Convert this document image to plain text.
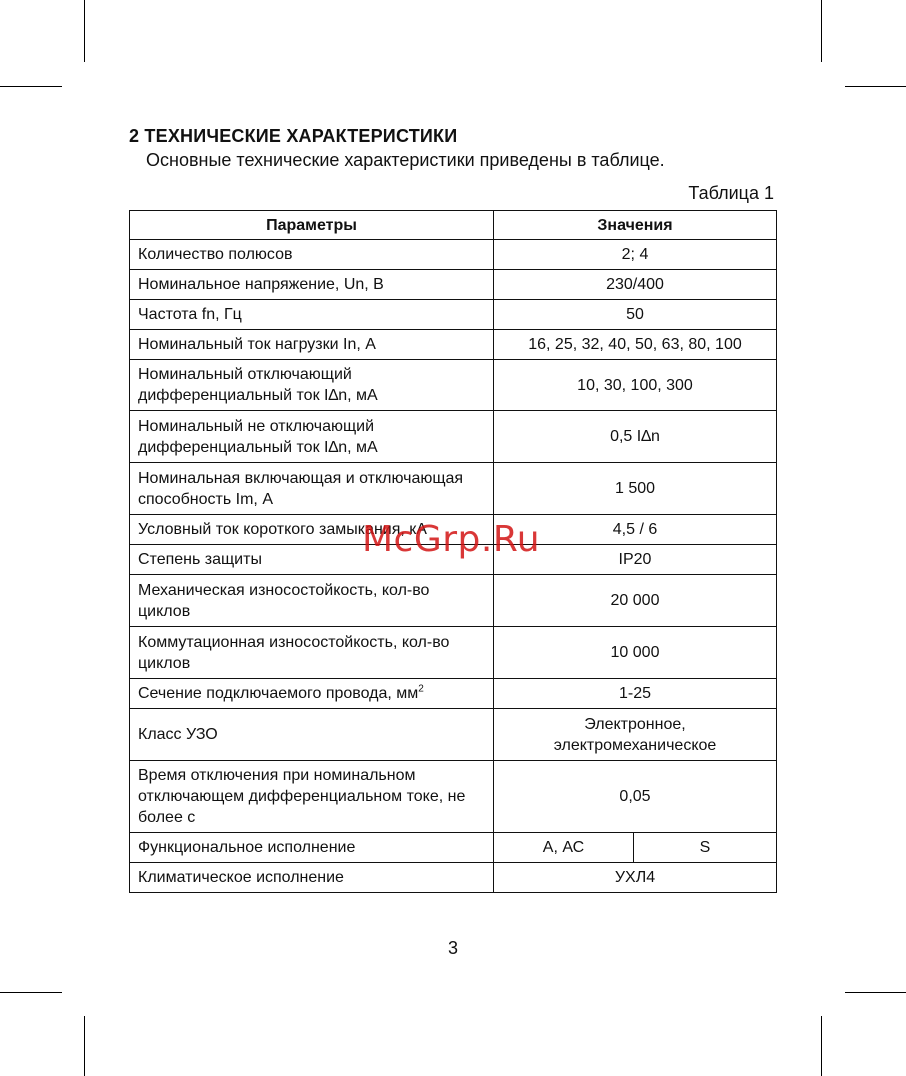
2 ТЕХНИЧЕСКИЕ ХАРАКТЕРИСТИКИ
Основные технические характеристики приведены в таблице.
Таблица 1
Параметры	Значения	
Количество полюсов	2; 4	
Номинальное напряжение, Un, В	230/400	
Частота fn, Гц	50	
Номинальный ток нагрузки In, А	16, 25, 32, 40, 50, 63, 80, 100	
Номинальный отключающий дифференциальный ток I∆n, мА	10, 30, 100, 300	
Номинальный не отключающий дифференциальный ток I∆n, мА	0,5 I∆n	
Номинальная включающая и отключающая способность Im, А	1 500	
Условный ток короткого замыкания, кА	4,5 / 6	
Степень защиты	IP20	
Механическая износостойкость, кол-во циклов	20 000	
Коммутационная износостойкость, кол-во циклов	10 000	
Сечение подключаемого провода, $мм^2$	1-25	
Класс УЗО	Электронное, электромеханическое	
Время отключения при номинальном отключающем дифференциальном токе, не более с	0,05	
Функциональное исполнение	А, АС	S
Климатическое исполнение	УХЛ4	
McGrp.Ru
3
